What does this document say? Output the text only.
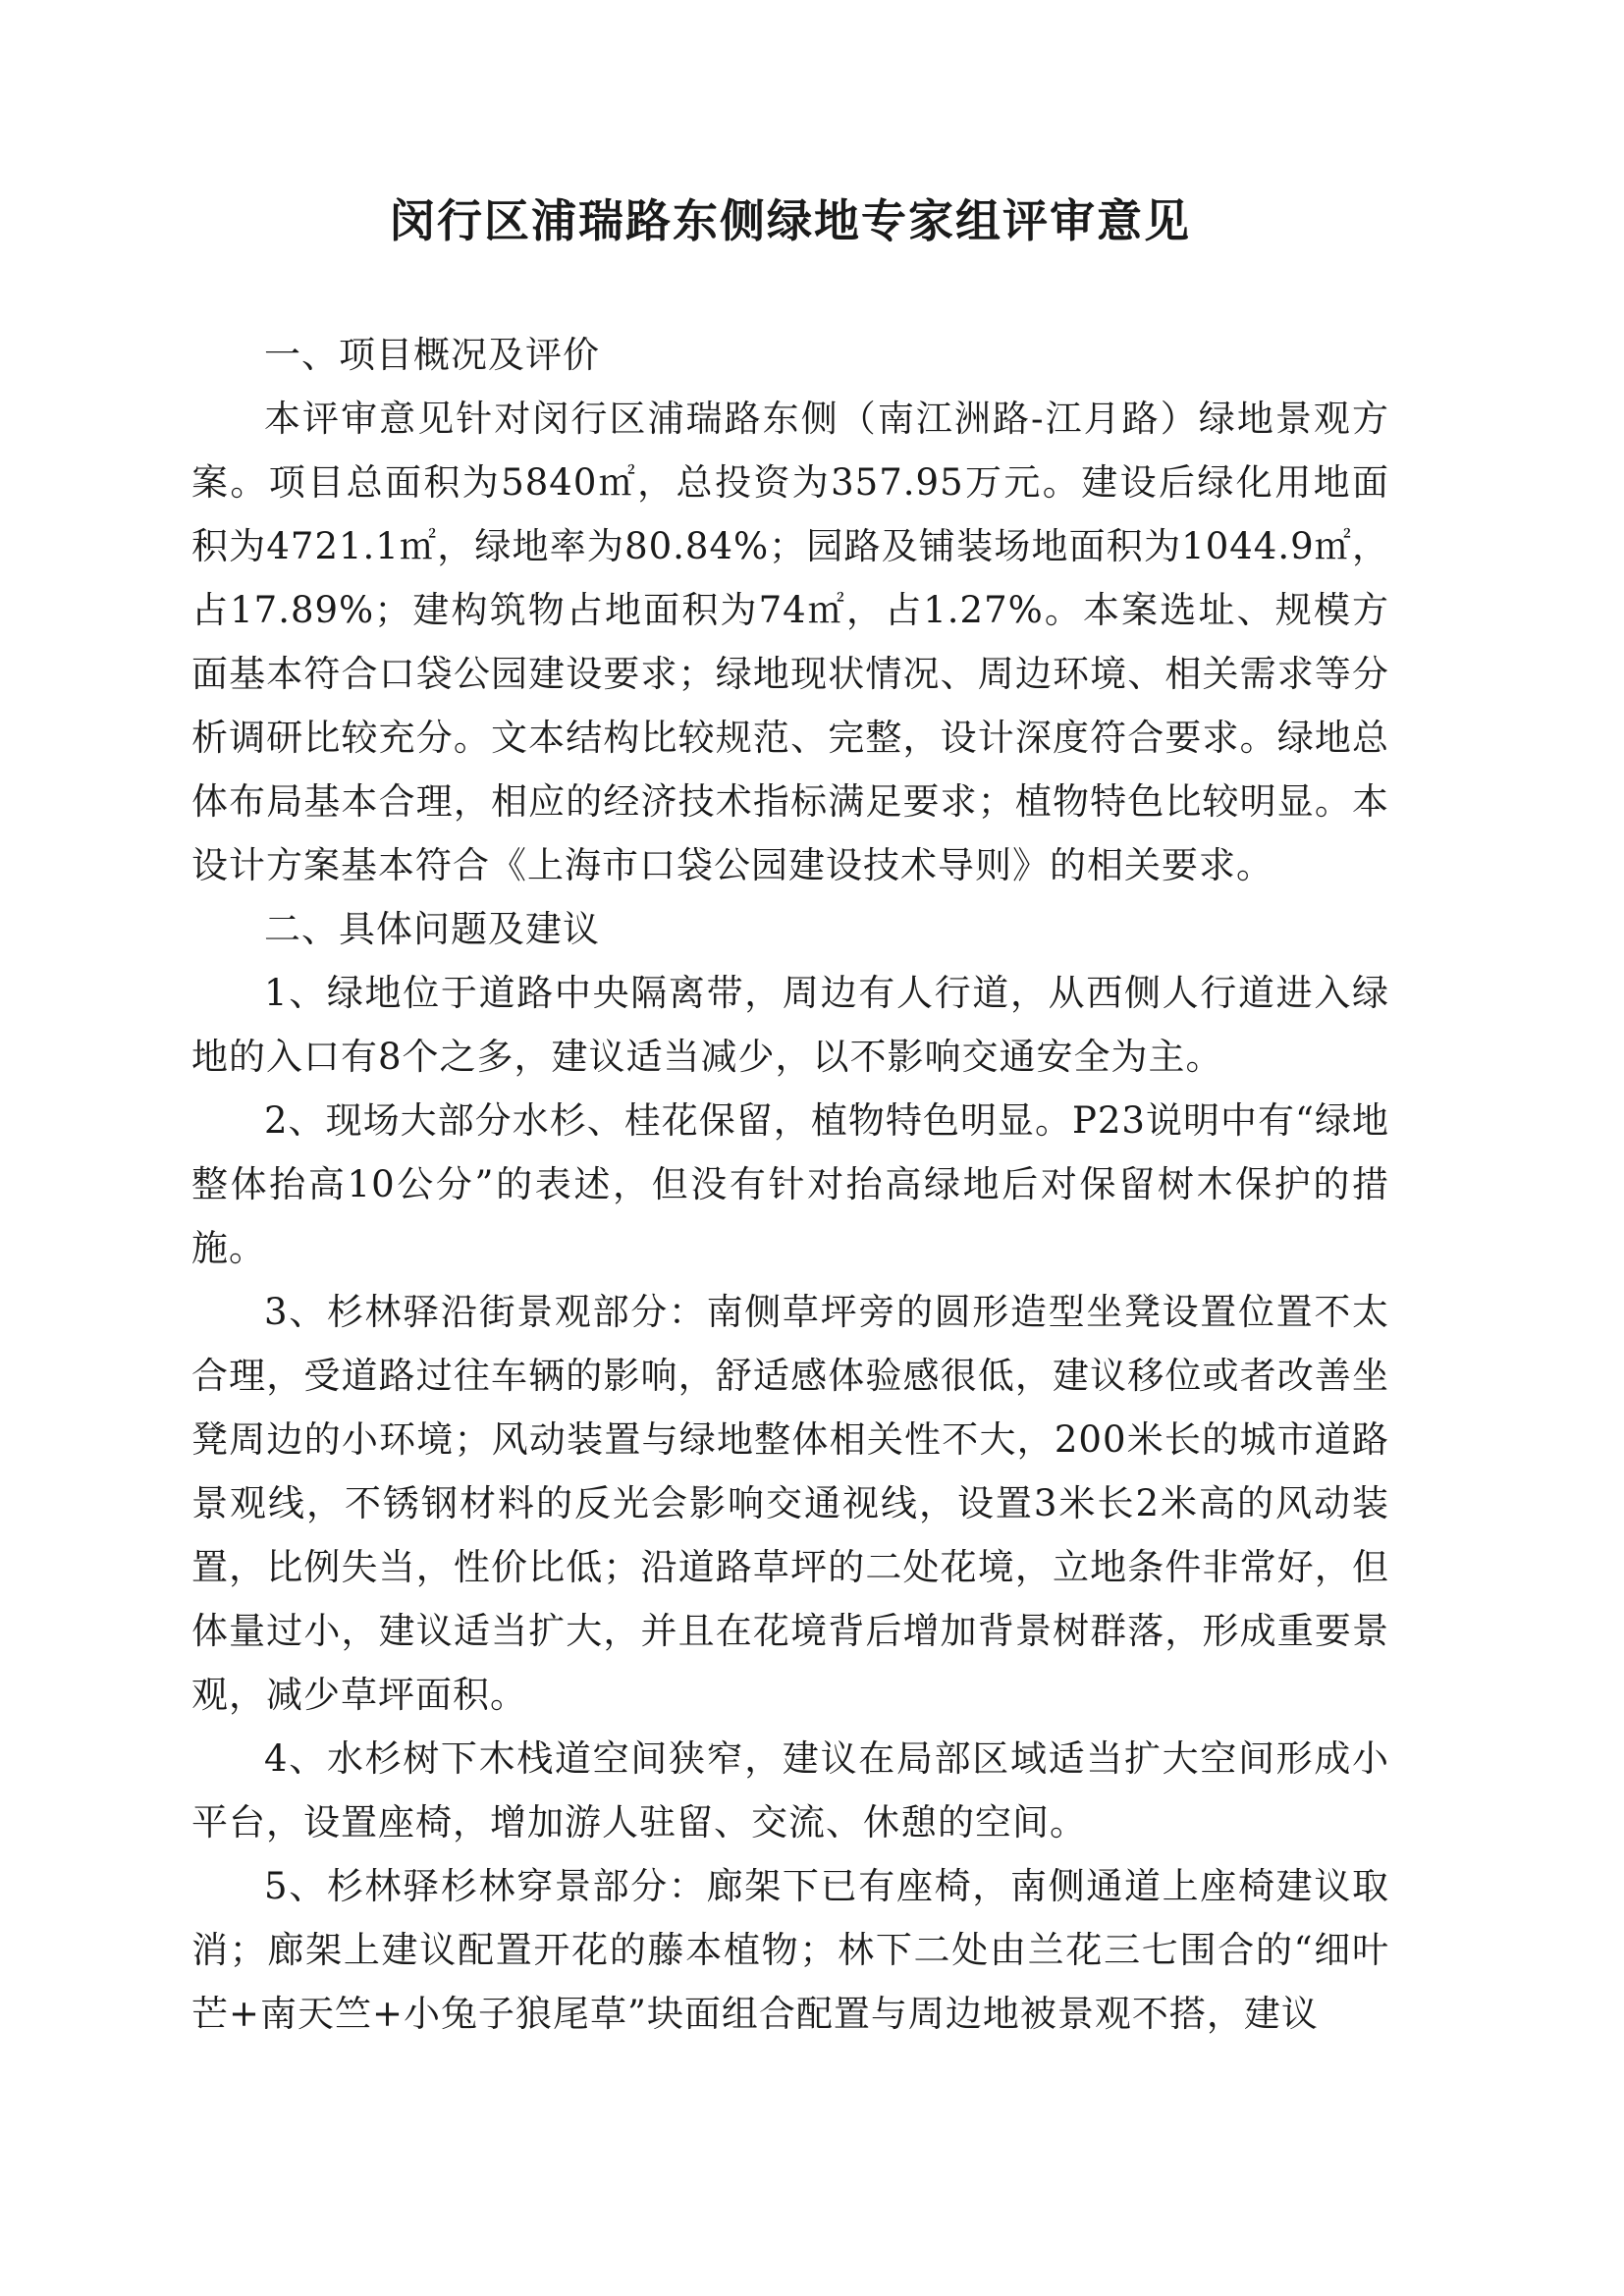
闵行区浦瑞路东侧绿地专家组评审意见

一、项目概况及评价

本评审意见针对闵行区浦瑞路东侧（南江洲路-江月路）绿地景观方案。项目总面积为5840㎡，总投资为357.95万元。建设后绿化用地面积为4721.1㎡，绿地率为80.84%；园路及铺装场地面积为1044.9㎡，占17.89%；建构筑物占地面积为74㎡，占1.27%。本案选址、规模方面基本符合口袋公园建设要求；绿地现状情况、周边环境、相关需求等分析调研比较充分。文本结构比较规范、完整，设计深度符合要求。绿地总体布局基本合理，相应的经济技术指标满足要求；植物特色比较明显。本设计方案基本符合《上海市口袋公园建设技术导则》的相关要求。

二、具体问题及建议

1、绿地位于道路中央隔离带，周边有人行道，从西侧人行道进入绿地的入口有8个之多，建议适当减少，以不影响交通安全为主。

2、现场大部分水杉、桂花保留，植物特色明显。P23说明中有“绿地整体抬高10公分”的表述，但没有针对抬高绿地后对保留树木保护的措施。

3、杉林驿沿街景观部分：南侧草坪旁的圆形造型坐凳设置位置不太合理，受道路过往车辆的影响，舒适感体验感很低，建议移位或者改善坐凳周边的小环境；风动装置与绿地整体相关性不大，200米长的城市道路景观线，不锈钢材料的反光会影响交通视线，设置3米长2米高的风动装置，比例失当，性价比低；沿道路草坪的二处花境，立地条件非常好，但体量过小，建议适当扩大，并且在花境背后增加背景树群落，形成重要景观，减少草坪面积。

4、水杉树下木栈道空间狭窄，建议在局部区域适当扩大空间形成小平台，设置座椅，增加游人驻留、交流、休憩的空间。

5、杉林驿杉林穿景部分：廊架下已有座椅，南侧通道上座椅建议取消；廊架上建议配置开花的藤本植物；林下二处由兰花三七围合的“细叶芒+南天竺+小兔子狼尾草”块面组合配置与周边地被景观不搭，建议
